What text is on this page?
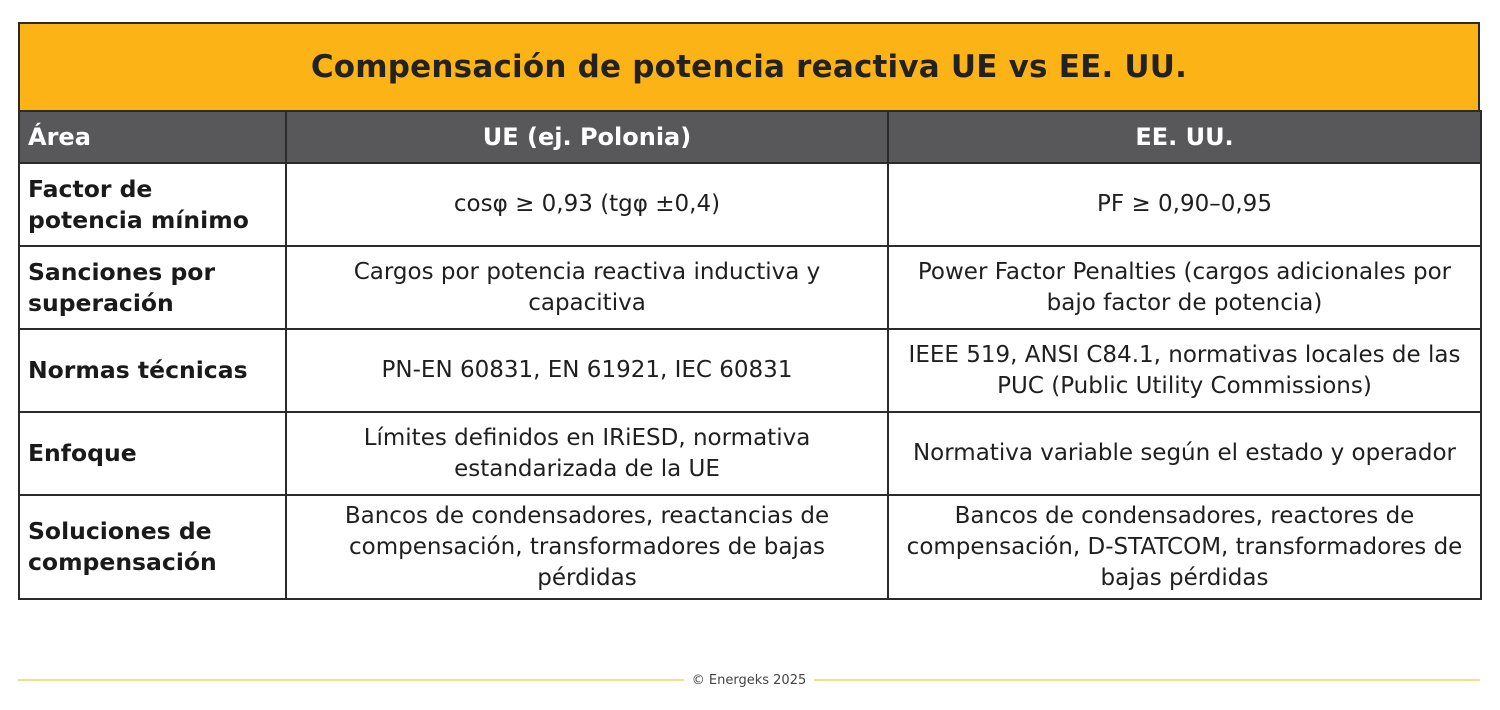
Compensación de potencia reactiva UE vs EE. UU.
Área	UE (ej. Polonia)	EE. UU.
Factor de potencia mínimo	cosφ ≥ 0,93 (tgφ ±0,4)	PF ≥ 0,90–0,95
Sanciones por superación	Cargos por potencia reactiva inductiva y capacitiva	Power Factor Penalties (cargos adicionales por bajo factor de potencia)
Normas técnicas	PN-EN 60831, EN 61921, IEC 60831	IEEE 519, ANSI C84.1, normativas locales de las PUC (Public Utility Commissions)
Enfoque	Límites definidos en IRiESD, normativa estandarizada de la UE	Normativa variable según el estado y operador
Soluciones de compensación	Bancos de condensadores, reactancias de compensación, transformadores de bajas pérdidas	Bancos de condensadores, reactores de compensación, D-STATCOM, transformadores de bajas pérdidas
© Energeks 2025
